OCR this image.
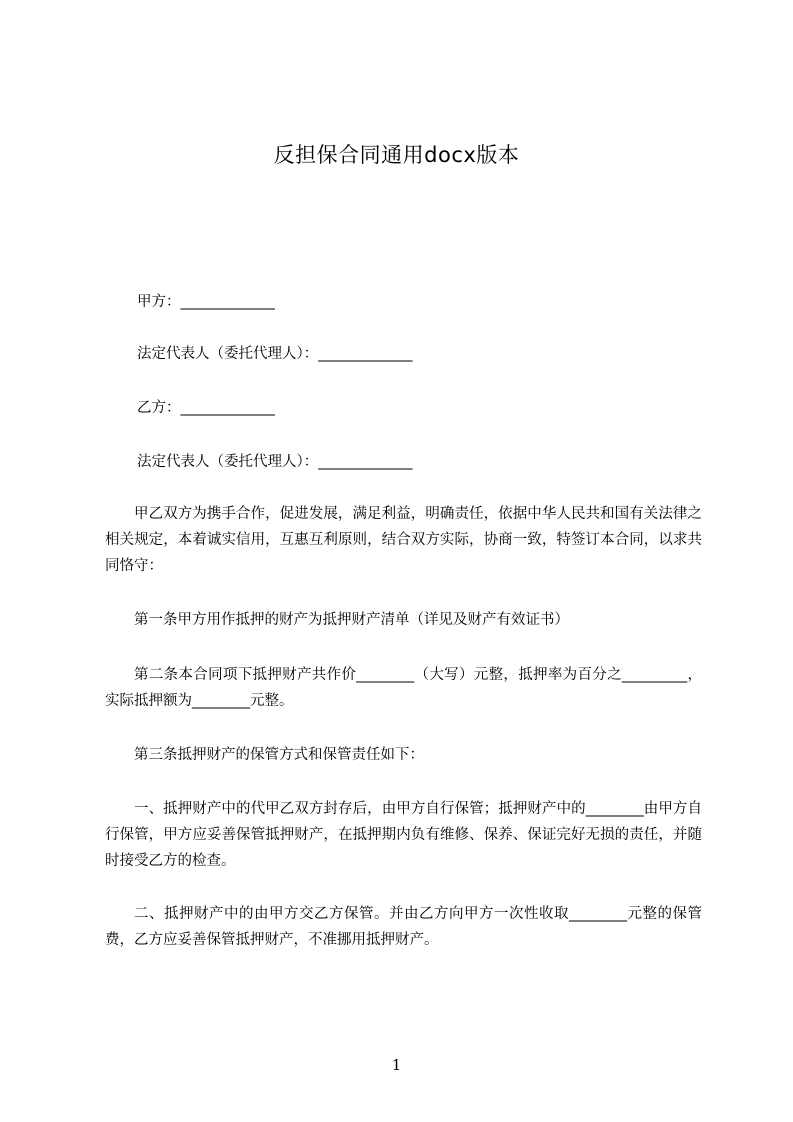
反担保合同通用docx版本
甲方：_____________
法定代表人（委托代理人）：_____________
乙方：_____________
法定代表人（委托代理人）：_____________
甲乙双方为携手合作，促进发展，满足利益，明确责任，依据中华人民共和国有关法律之相关规定，本着诚实信用，互惠互利原则，结合双方实际，协商一致，特签订本合同，以求共同恪守：
第一条甲方用作抵押的财产为抵押财产清单（详见及财产有效证书）
第二条本合同项下抵押财产共作价________（大写）元整，抵押率为百分之_________，实际抵押额为________元整。
第三条抵押财产的保管方式和保管责任如下：
一、抵押财产中的代甲乙双方封存后，由甲方自行保管；抵押财产中的________由甲方自行保管，甲方应妥善保管抵押财产，在抵押期内负有维修、保养、保证完好无损的责任，并随时接受乙方的检查。
二、抵押财产中的由甲方交乙方保管。并由乙方向甲方一次性收取________元整的保管费，乙方应妥善保管抵押财产，不准挪用抵押财产。
1
